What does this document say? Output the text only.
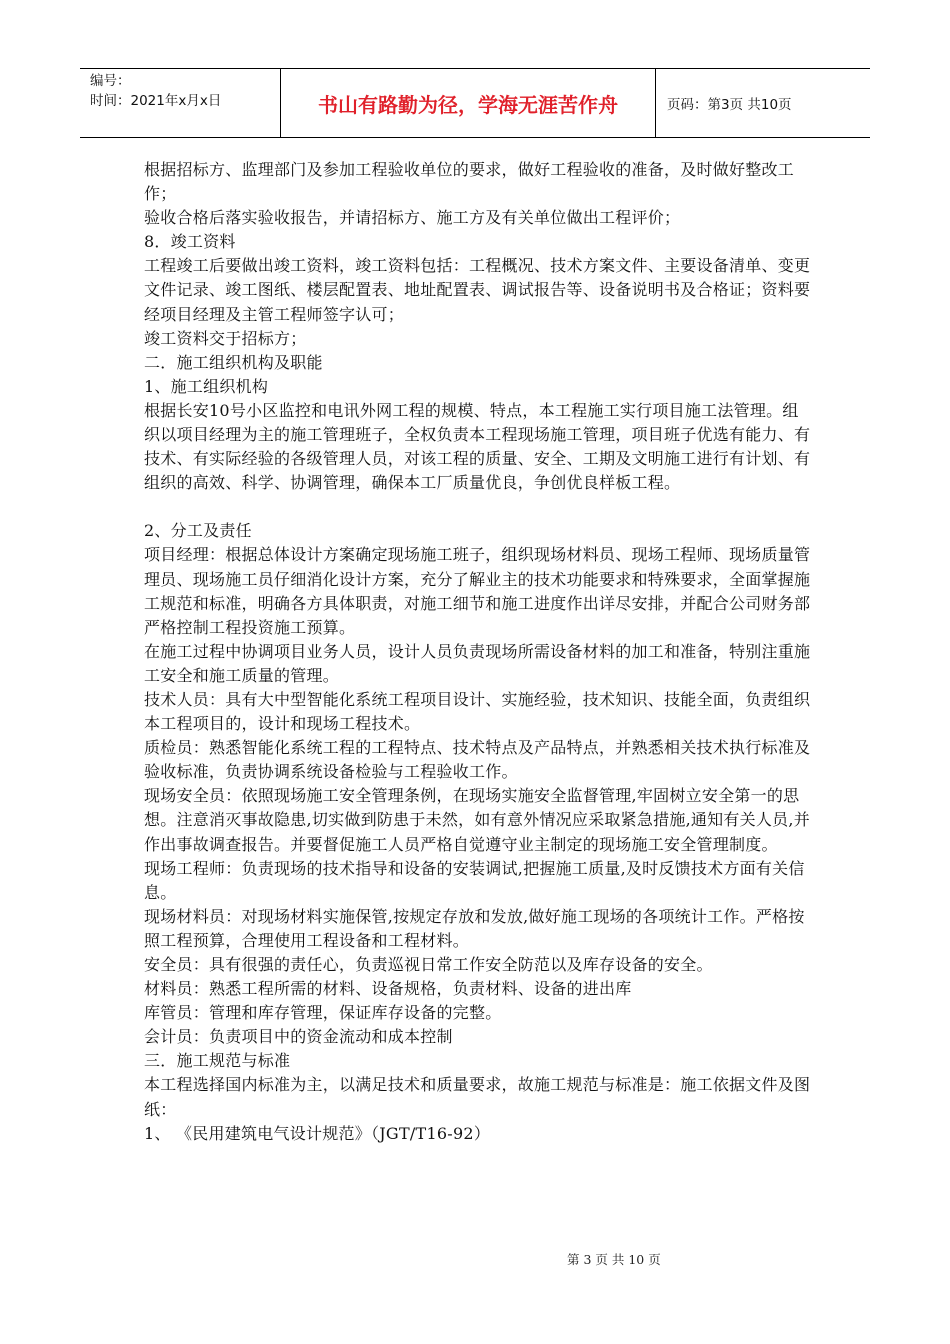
编号：
时间：2021年x月x日	书山有路勤为径，学海无涯苦作舟	页码：第3页 共10页
根据招标方、监理部门及参加工程验收单位的要求，做好工程验收的准备，及时做好整改工作；
验收合格后落实验收报告，并请招标方、施工方及有关单位做出工程评价；
8．竣工资料
工程竣工后要做出竣工资料，竣工资料包括：工程概况、技术方案文件、主要设备清单、变更文件记录、竣工图纸、楼层配置表、地址配置表、调试报告等、设备说明书及合格证；资料要经项目经理及主管工程师签字认可；
竣工资料交于招标方；
二．施工组织机构及职能
1、施工组织机构
根据长安10号小区监控和电讯外网工程的规模、特点，本工程施工实行项目施工法管理。组织以项目经理为主的施工管理班子，全权负责本工程现场施工管理，项目班子优选有能力、有技术、有实际经验的各级管理人员，对该工程的质量、安全、工期及文明施工进行有计划、有组织的高效、科学、协调管理，确保本工厂质量优良，争创优良样板工程。
2、分工及责任
项目经理：根据总体设计方案确定现场施工班子，组织现场材料员、现场工程师、现场质量管理员、现场施工员仔细消化设计方案，充分了解业主的技术功能要求和特殊要求，全面掌握施工规范和标准，明确各方具体职责，对施工细节和施工进度作出详尽安排，并配合公司财务部严格控制工程投资施工预算。
在施工过程中协调项目业务人员，设计人员负责现场所需设备材料的加工和准备，特别注重施工安全和施工质量的管理。
技术人员：具有大中型智能化系统工程项目设计、实施经验，技术知识、技能全面，负责组织本工程项目的，设计和现场工程技术。
质检员：熟悉智能化系统工程的工程特点、技术特点及产品特点，并熟悉相关技术执行标准及验收标准，负责协调系统设备检验与工程验收工作。
现场安全员：依照现场施工安全管理条例，在现场实施安全监督管理,牢固树立安全第一的思想。注意消灭事故隐患,切实做到防患于未然，如有意外情况应采取紧急措施,通知有关人员,并作出事故调查报告。并要督促施工人员严格自觉遵守业主制定的现场施工安全管理制度。
现场工程师：负责现场的技术指导和设备的安装调试,把握施工质量,及时反馈技术方面有关信息。
现场材料员：对现场材料实施保管,按规定存放和发放,做好施工现场的各项统计工作。严格按照工程预算，合理使用工程设备和工程材料。
安全员：具有很强的责任心，负责巡视日常工作安全防范以及库存设备的安全。
材料员：熟悉工程所需的材料、设备规格，负责材料、设备的进出库
库管员：管理和库存管理，保证库存设备的完整。
会计员：负责项目中的资金流动和成本控制
三．施工规范与标准
本工程选择国内标准为主，以满足技术和质量要求，故施工规范与标准是：施工依据文件及图纸：
1、 《民用建筑电气设计规范》（JGT/T16-92）
第 3 页 共 10 页
